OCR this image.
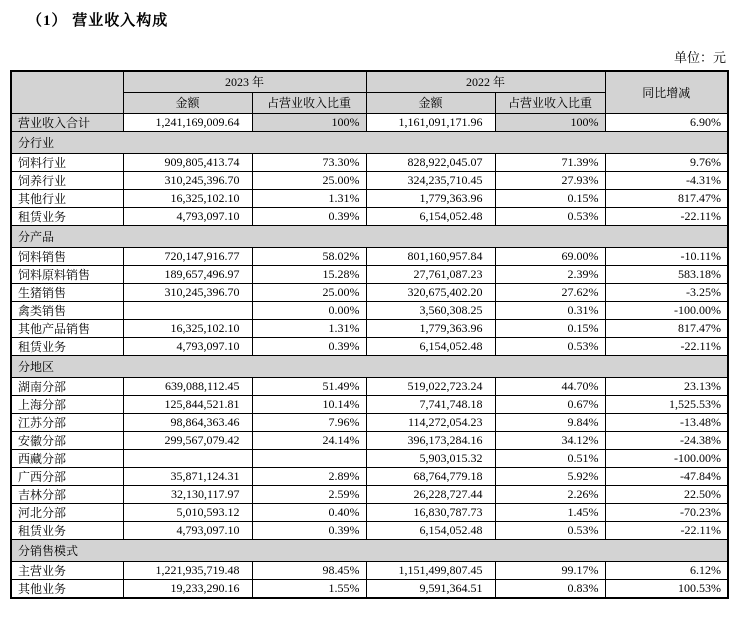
（1） 营业收入构成
单位：元
	2023 年		2022 年		同比增减
	金额	占营业收入比重	金额	占营业收入比重	
营业收入合计	1,241,169,009.64	100%	1,161,091,171.96	100%	6.90%
分行业					
饲料行业	909,805,413.74	73.30%	828,922,045.07	71.39%	9.76%
饲养行业	310,245,396.70	25.00%	324,235,710.45	27.93%	-4.31%
其他行业	16,325,102.10	1.31%	1,779,363.96	0.15%	817.47%
租赁业务	4,793,097.10	0.39%	6,154,052.48	0.53%	-22.11%
分产品					
饲料销售	720,147,916.77	58.02%	801,160,957.84	69.00%	-10.11%
饲料原料销售	189,657,496.97	15.28%	27,761,087.23	2.39%	583.18%
生猪销售	310,245,396.70	25.00%	320,675,402.20	27.62%	-3.25%
禽类销售		0.00%	3,560,308.25	0.31%	-100.00%
其他产品销售	16,325,102.10	1.31%	1,779,363.96	0.15%	817.47%
租赁业务	4,793,097.10	0.39%	6,154,052.48	0.53%	-22.11%
分地区					
湖南分部	639,088,112.45	51.49%	519,022,723.24	44.70%	23.13%
上海分部	125,844,521.81	10.14%	7,741,748.18	0.67%	1,525.53%
江苏分部	98,864,363.46	7.96%	114,272,054.23	9.84%	-13.48%
安徽分部	299,567,079.42	24.14%	396,173,284.16	34.12%	-24.38%
西藏分部			5,903,015.32	0.51%	-100.00%
广西分部	35,871,124.31	2.89%	68,764,779.18	5.92%	-47.84%
吉林分部	32,130,117.97	2.59%	26,228,727.44	2.26%	22.50%
河北分部	5,010,593.12	0.40%	16,830,787.73	1.45%	-70.23%
租赁业务	4,793,097.10	0.39%	6,154,052.48	0.53%	-22.11%
分销售模式					
主营业务	1,221,935,719.48	98.45%	1,151,499,807.45	99.17%	6.12%
其他业务	19,233,290.16	1.55%	9,591,364.51	0.83%	100.53%
